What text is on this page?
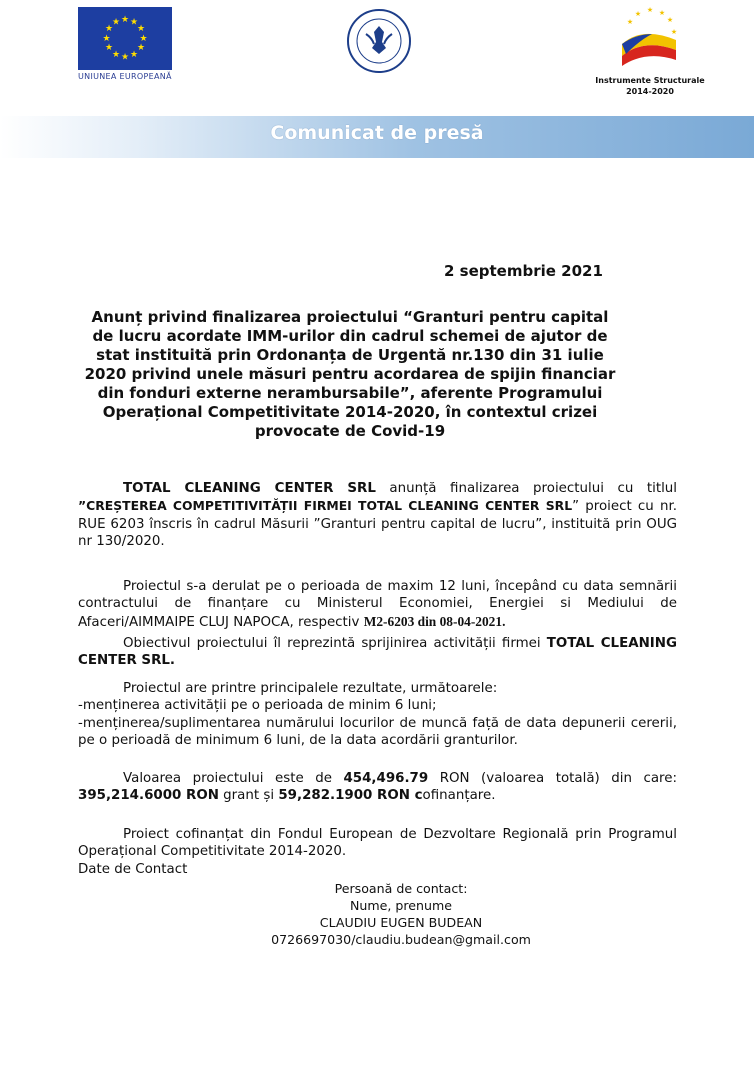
★ ★
★
★
★
★
★
★
★
★
★
★
UNIUNEA EUROPEANĂ
★ ★
★
★
★
★
Instrumente Structurale
2014-2020
Comunicat de presă
2 septembrie 2021
Anunț privind finalizarea proiectului “Granturi pentru capital de lucru acordate IMM-urilor din cadrul schemei de ajutor de stat instituită prin Ordonanța de Urgentă nr.130 din 31 iulie 2020 privind unele măsuri pentru acordarea de spijin financiar din fonduri externe nerambursabile”, aferente Programului Operațional Competitivitate 2014-2020, în contextul crizei provocate de Covid-19

TOTAL CLEANING CENTER SRL anunță finalizarea proiectului cu titlul ”CREȘTEREA COMPETITIVITĂȚII FIRMEI TOTAL CLEANING CENTER SRL” proiect cu nr. RUE 6203 înscris în cadrul Măsurii ”Granturi pentru capital de lucru”, instituită prin OUG nr 130/2020.

Proiectul s-a derulat pe o perioada de maxim 12 luni, începând cu data semnării contractului de finanțare cu Ministerul Economiei, Energiei si Mediului de Afaceri/AIMMAIPE CLUJ NAPOCA, respectiv M2-6203 din 08-04-2021.

Obiectivul proiectului îl reprezintă sprijinirea activității firmei TOTAL CLEANING CENTER SRL.

Proiectul are printre principalele rezultate, următoarele:

-menținerea activității pe o perioada de minim 6 luni;

-menținerea/suplimentarea numărului locurilor de muncă față de data depunerii cererii, pe o perioadă de minimum 6 luni, de la data acordării granturilor.

Valoarea proiectului este de 454,496.79 RON (valoarea totală) din care: 395,214.6000 RON grant și 59,282.1900 RON cofinanțare.

Proiect cofinanțat din Fondul European de Dezvoltare Regională prin Programul Operațional Competitivitate 2014-2020.

Date de Contact

Persoană de contact:
Nume, prenume
CLAUDIU EUGEN BUDEAN
0726697030/claudiu.budean@gmail.com
